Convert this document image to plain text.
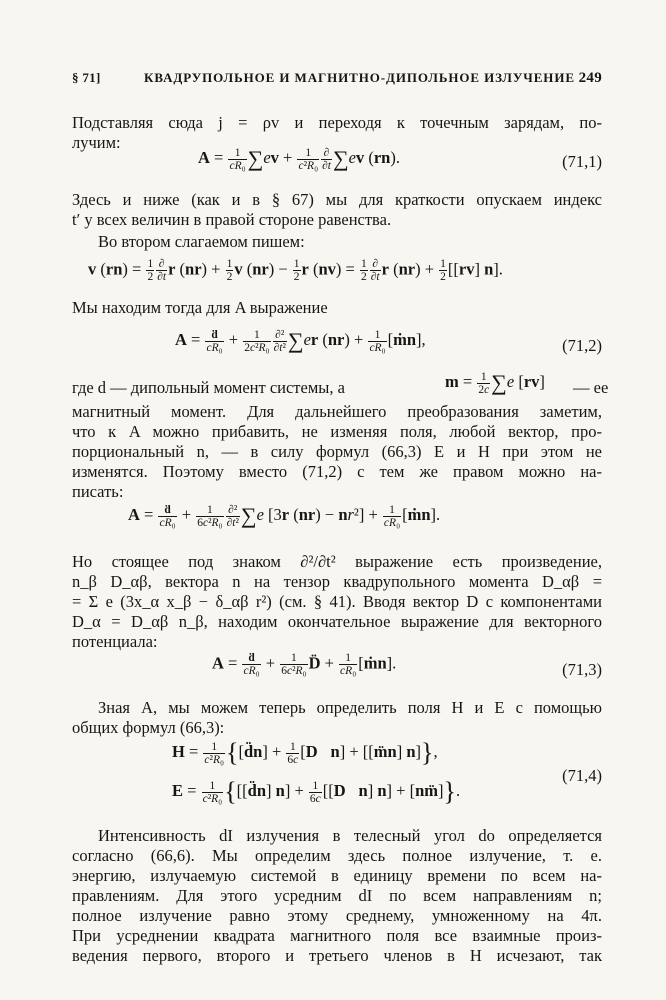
§ 71]	КВАДРУПОЛЬНОЕ И МАГНИТНО-ДИПОЛЬНОЕ ИЗЛУЧЕНИЕ 249
Подставляя сюда j = ρv и переходя к точечным зарядам, по-
лучим:
$A = \frac{1}{\text{cR₀}} \sum ev + \frac{1}{\text{c²R₀}} \frac{\partial}{\partial t} \sum ev$ (rn).	(71,1)
Здесь и ниже (как и в § 67) мы для краткости опускаем индекс
t′ у всех величин в правой стороне равенства.
Во втором слагаемом пишем:
v $(rn) = \frac{1}{2} \frac{\partial}{\partial t}$ r $(nr) + \frac{1}{2}$ v $(nr) - \frac{1}{2}$ r $(nv) = \frac{1}{2} \frac{\partial}{\partial t}$ r $(nr) + \frac{1}{2} [[rv]$ n].
Мы находим тогда для A выражение
$A = \frac{\text{ḋ}}{\text{cR₀}} + \frac{1}{\text{2c²R₀}} \frac{\text{∂²}}{\text{∂t²}} \sum er$ $(nr) + \frac{1}{\text{cR₀}}$ [ṁn],	(71,2)
где d — дипольный момент системы, а	$m = \frac{1}{2c} \sum e$ [rv] — ее
магнитный момент. Для дальнейшего преобразования заметим,
что к A можно прибавить, не изменяя поля, любой вектор, про-
порциональный n, — в силу формул (66,3) E и H при этом не
изменятся. Поэтому вместо (71,2) с тем же правом можно на-
писать:
$A = \frac{\text{ḋ}}{\text{cR₀}} + \frac{1}{\text{6c²R₀}} \frac{\text{∂²}}{\text{∂t²}} \sum e$ [3r $(nr) - nr^2] + \frac{1}{\text{cR₀}}$ [ṁn].
Но стоящее под знаком ∂²/∂t² выражение есть произведение,
n_β D_αβ, вектора n на тензор квадрупольного момента D_αβ =
= Σ e (3x_α x_β − δ_αβ r²) (см. § 41). Вводя вектор D с компонентами
D_α = D_αβ n_β, находим окончательное выражение для векторного
потенциала:
$A = \frac{\text{ḋ}}{\text{cR₀}} + \frac{1}{\text{6c²R₀}}$ D̈ + $\frac{1}{\text{cR₀}}$ [ṁn].	(71,3)
Зная A, мы можем теперь определить поля H и E с помощью
общих формул (66,3):
$H = \frac{1}{\text{c²R₀}}$ {[d̈n] + $\frac{1}{6c}$ [D⃛n] + [[m̈n] n]},
$E = \frac{1}{\text{c²R₀}}$ {[[d̈n] $n] + \frac{1}{6c}$ [[D⃛n] n] + [nm̈]}.
(71,4)
Интенсивность dI излучения в телесный угол do определяется
согласно (66,6). Мы определим здесь полное излучение, т. е.
энергию, излучаемую системой в единицу времени по всем на-
правлениям. Для этого усредним dI по всем направлениям n;
полное излучение равно этому среднему, умноженному на 4π.
При усреднении квадрата магнитного поля все взаимные произ-
ведения первого, второго и третьего членов в H исчезают, так
